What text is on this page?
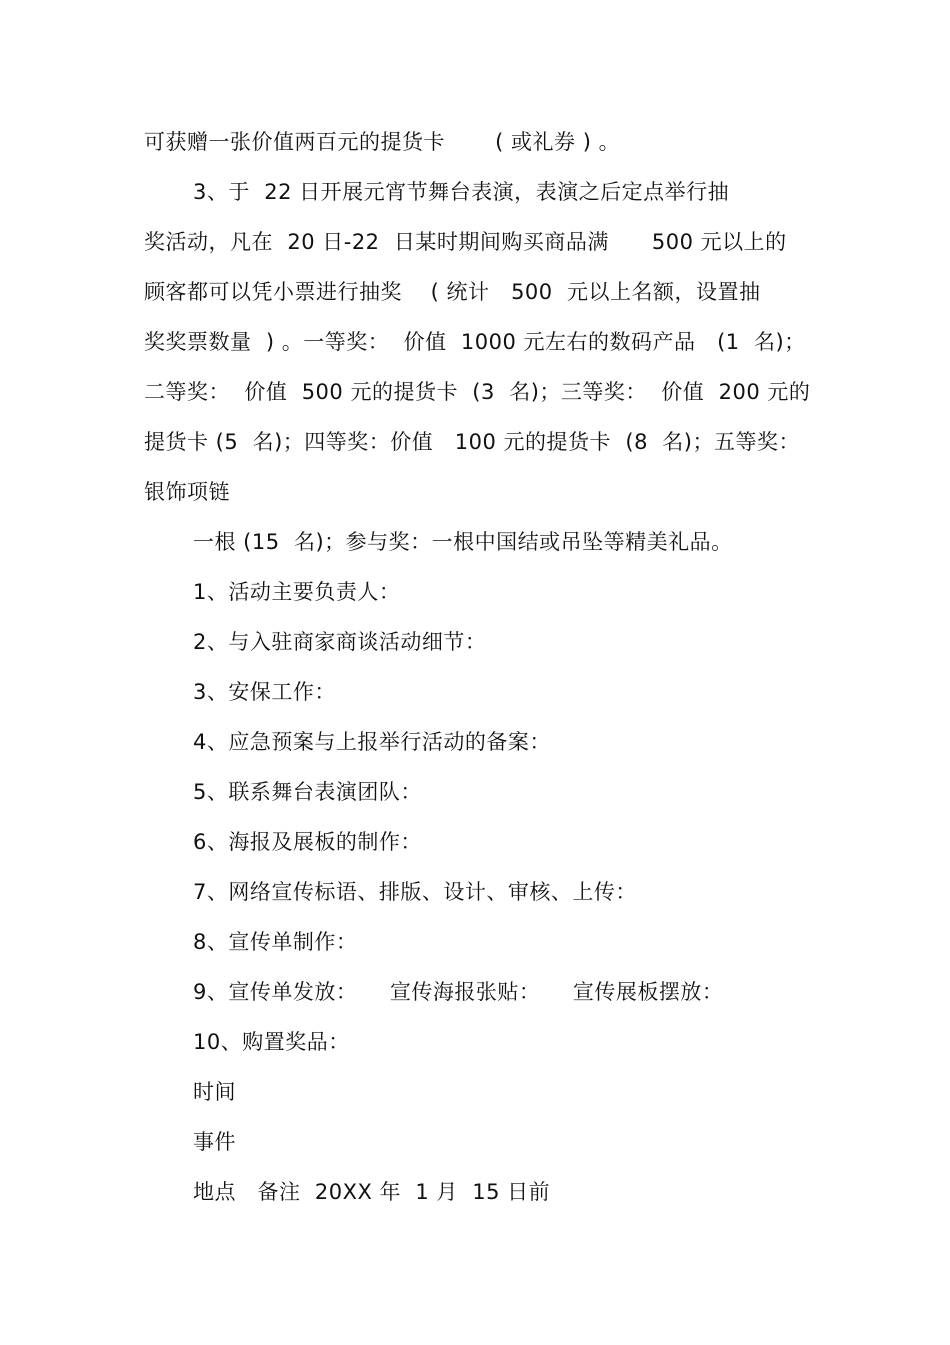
可获赠一张价值两百元的提货卡　　 ( 或礼券 ) 。
3、于  22 日开展元宵节舞台表演，表演之后定点举行抽
奖活动，凡在  20 日-22  日某时期间购买商品满 　  500 元以上的
顾客都可以凭小票进行抽奖　 ( 统计   500  元以上名额，设置抽
奖奖票数量  ) 。一等奖：  价值  1000 元左右的数码产品   (1  名)；
二等奖：  价值  500 元的提货卡  (3  名)；三等奖：  价值  200 元的
提货卡 (5  名)；四等奖：价值   100 元的提货卡  (8  名)；五等奖：
银饰项链
一根 (15  名)；参与奖：一根中国结或吊坠等精美礼品。
1、活动主要负责人：
2、与入驻商家商谈活动细节：
3、安保工作：
4、应急预案与上报举行活动的备案：
5、联系舞台表演团队：
6、海报及展板的制作：
7、网络宣传标语、排版、设计、审核、上传：
8、宣传单制作：
9、宣传单发放：　　宣传海报张贴：　　宣传展板摆放：
10、购置奖品：
时间
事件
地点   备注  20XX 年  1 月  15 日前
